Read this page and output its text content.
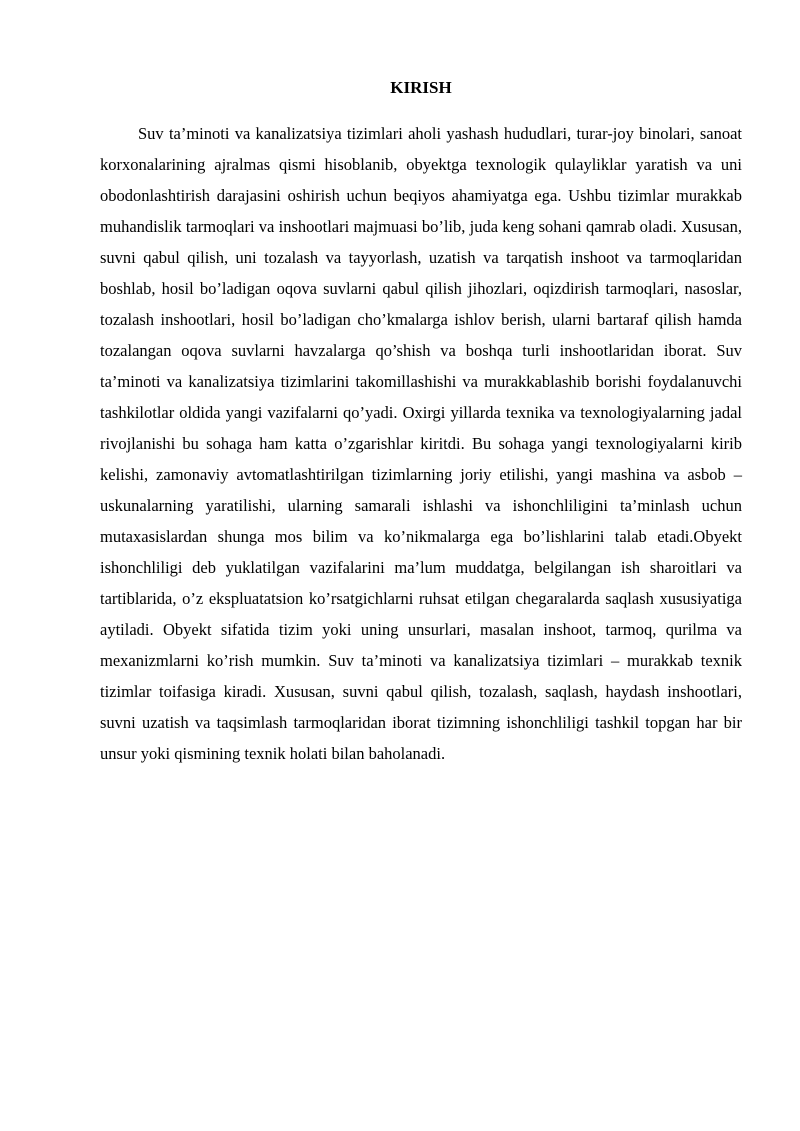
KIRISH

Suv ta’minoti va kanalizatsiya tizimlari aholi yashash hududlari, turar-joy binolari, sanoat korxonalarining ajralmas qismi hisoblanib, obyektga texnologik qulayliklar yaratish va uni obodonlashtirish darajasini oshirish uchun beqiyos ahamiyatga ega. Ushbu tizimlar murakkab muhandislik tarmoqlari va inshootlari majmuasi bo’lib, juda keng sohani qamrab oladi. Xususan, suvni qabul qilish, uni tozalash va tayyorlash, uzatish va tarqatish inshoot va tarmoqlaridan boshlab, hosil bo’ladigan oqova suvlarni qabul qilish jihozlari, oqizdirish tarmoqlari, nasoslar, tozalash inshootlari, hosil bo’ladigan cho’kmalarga ishlov berish, ularni bartaraf qilish hamda tozalangan oqova suvlarni havzalarga qo’shish va boshqa turli inshootlaridan iborat. Suv ta’minoti va kanalizatsiya tizimlarini takomillashishi va murakkablashib borishi foydalanuvchi tashkilotlar oldida yangi vazifalarni qo’yadi. Oxirgi yillarda texnika va texnologiyalarning jadal rivojlanishi bu sohaga ham katta o’zgarishlar kiritdi. Bu sohaga yangi texnologiyalarni kirib kelishi, zamonaviy avtomatlashtirilgan tizimlarning joriy etilishi, yangi mashina va asbob – uskunalarning yaratilishi, ularning samarali ishlashi va ishonchliligini ta’minlash uchun mutaxasislardan shunga mos bilim va ko’nikmalarga ega bo’lishlarini talab etadi.Obyekt ishonchliligi deb yuklatilgan vazifalarini ma’lum muddatga, belgilangan ish sharoitlari va tartiblarida, o’z ekspluatatsion ko’rsatgichlarni ruhsat etilgan chegaralarda saqlash xususiyatiga aytiladi. Obyekt sifatida tizim yoki uning unsurlari, masalan inshoot, tarmoq, qurilma va mexanizmlarni ko’rish mumkin. Suv ta’minoti va kanalizatsiya tizimlari – murakkab texnik tizimlar toifasiga kiradi. Xususan, suvni qabul qilish, tozalash, saqlash, haydash inshootlari, suvni uzatish va taqsimlash tarmoqlaridan iborat tizimning ishonchliligi tashkil topgan har bir unsur yoki qismining texnik holati bilan baholanadi.
